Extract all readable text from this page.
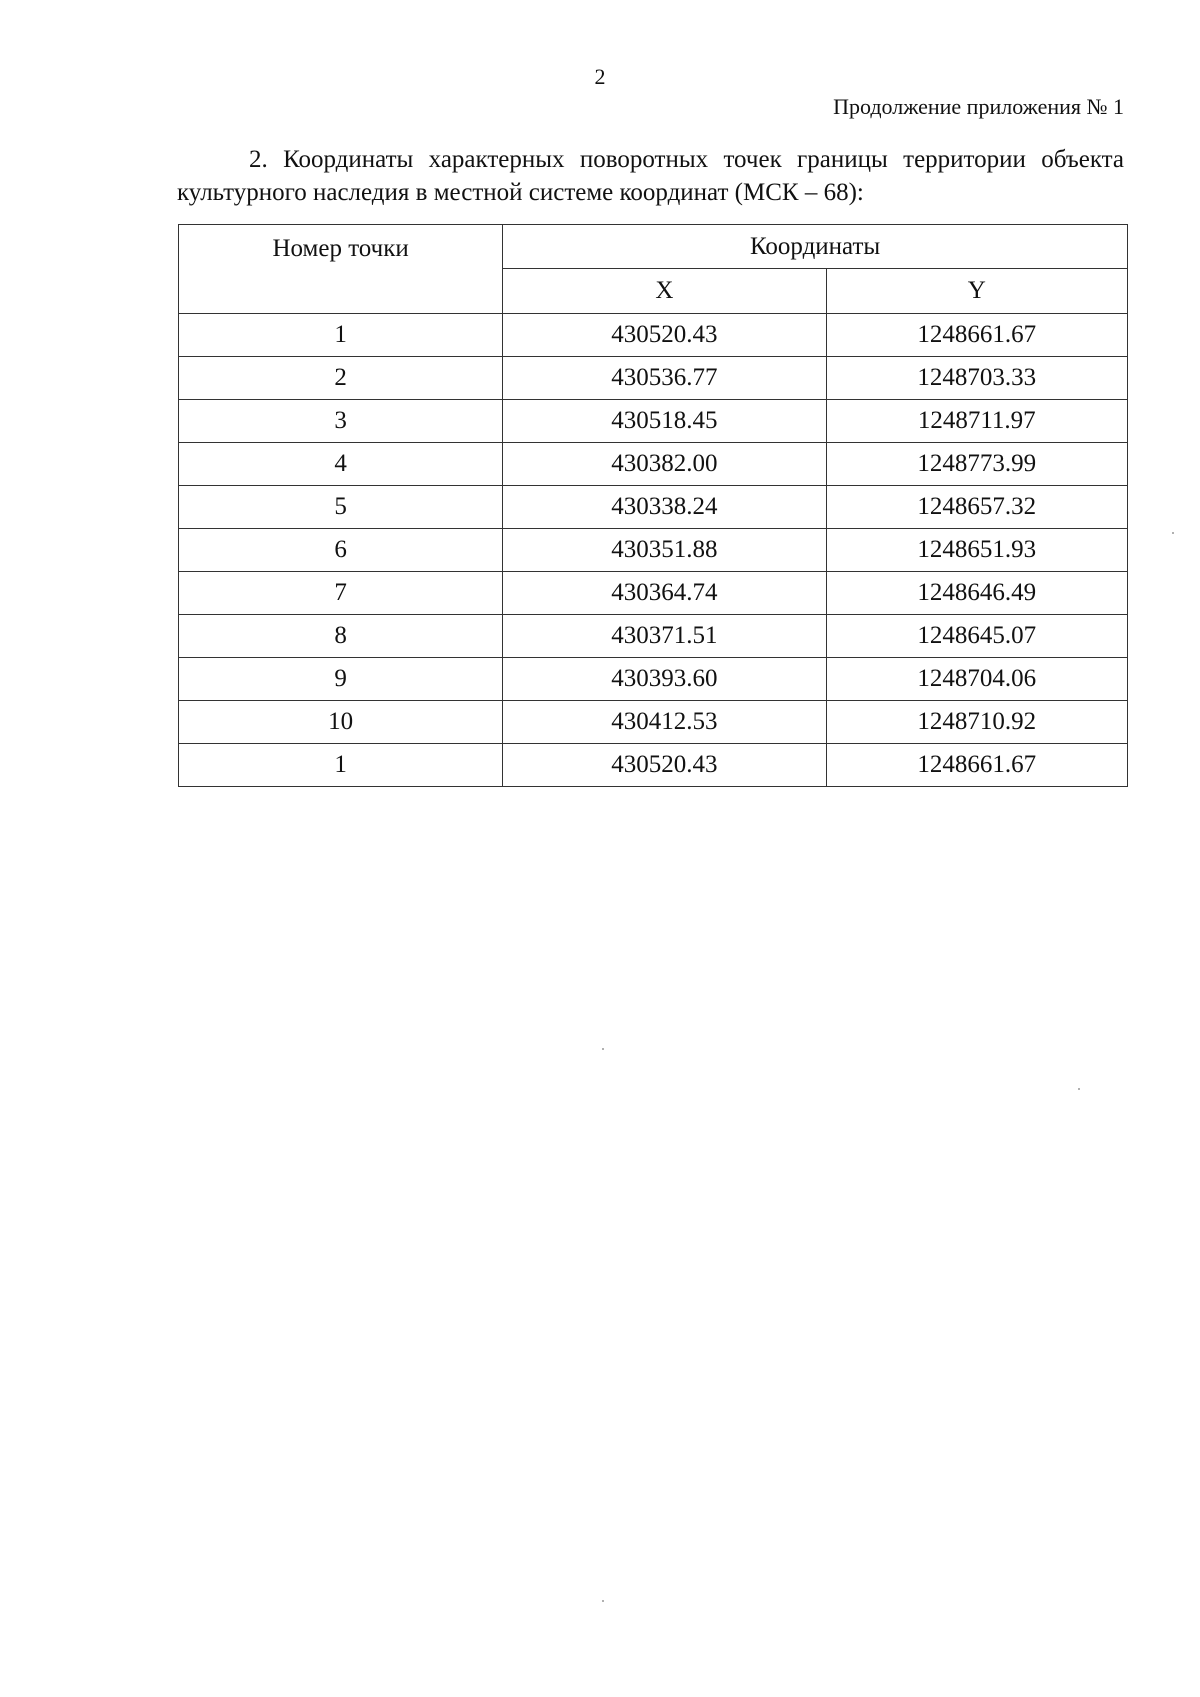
2
Продолжение приложения № 1
2. Координаты характерных поворотных точек границы территории объекта культурного наследия в местной системе координат (МСК – 68):
Номер точки	Координаты	
	X	Y
1	430520.43	1248661.67
2	430536.77	1248703.33
3	430518.45	1248711.97
4	430382.00	1248773.99
5	430338.24	1248657.32
6	430351.88	1248651.93
7	430364.74	1248646.49
8	430371.51	1248645.07
9	430393.60	1248704.06
10	430412.53	1248710.92
1	430520.43	1248661.67
